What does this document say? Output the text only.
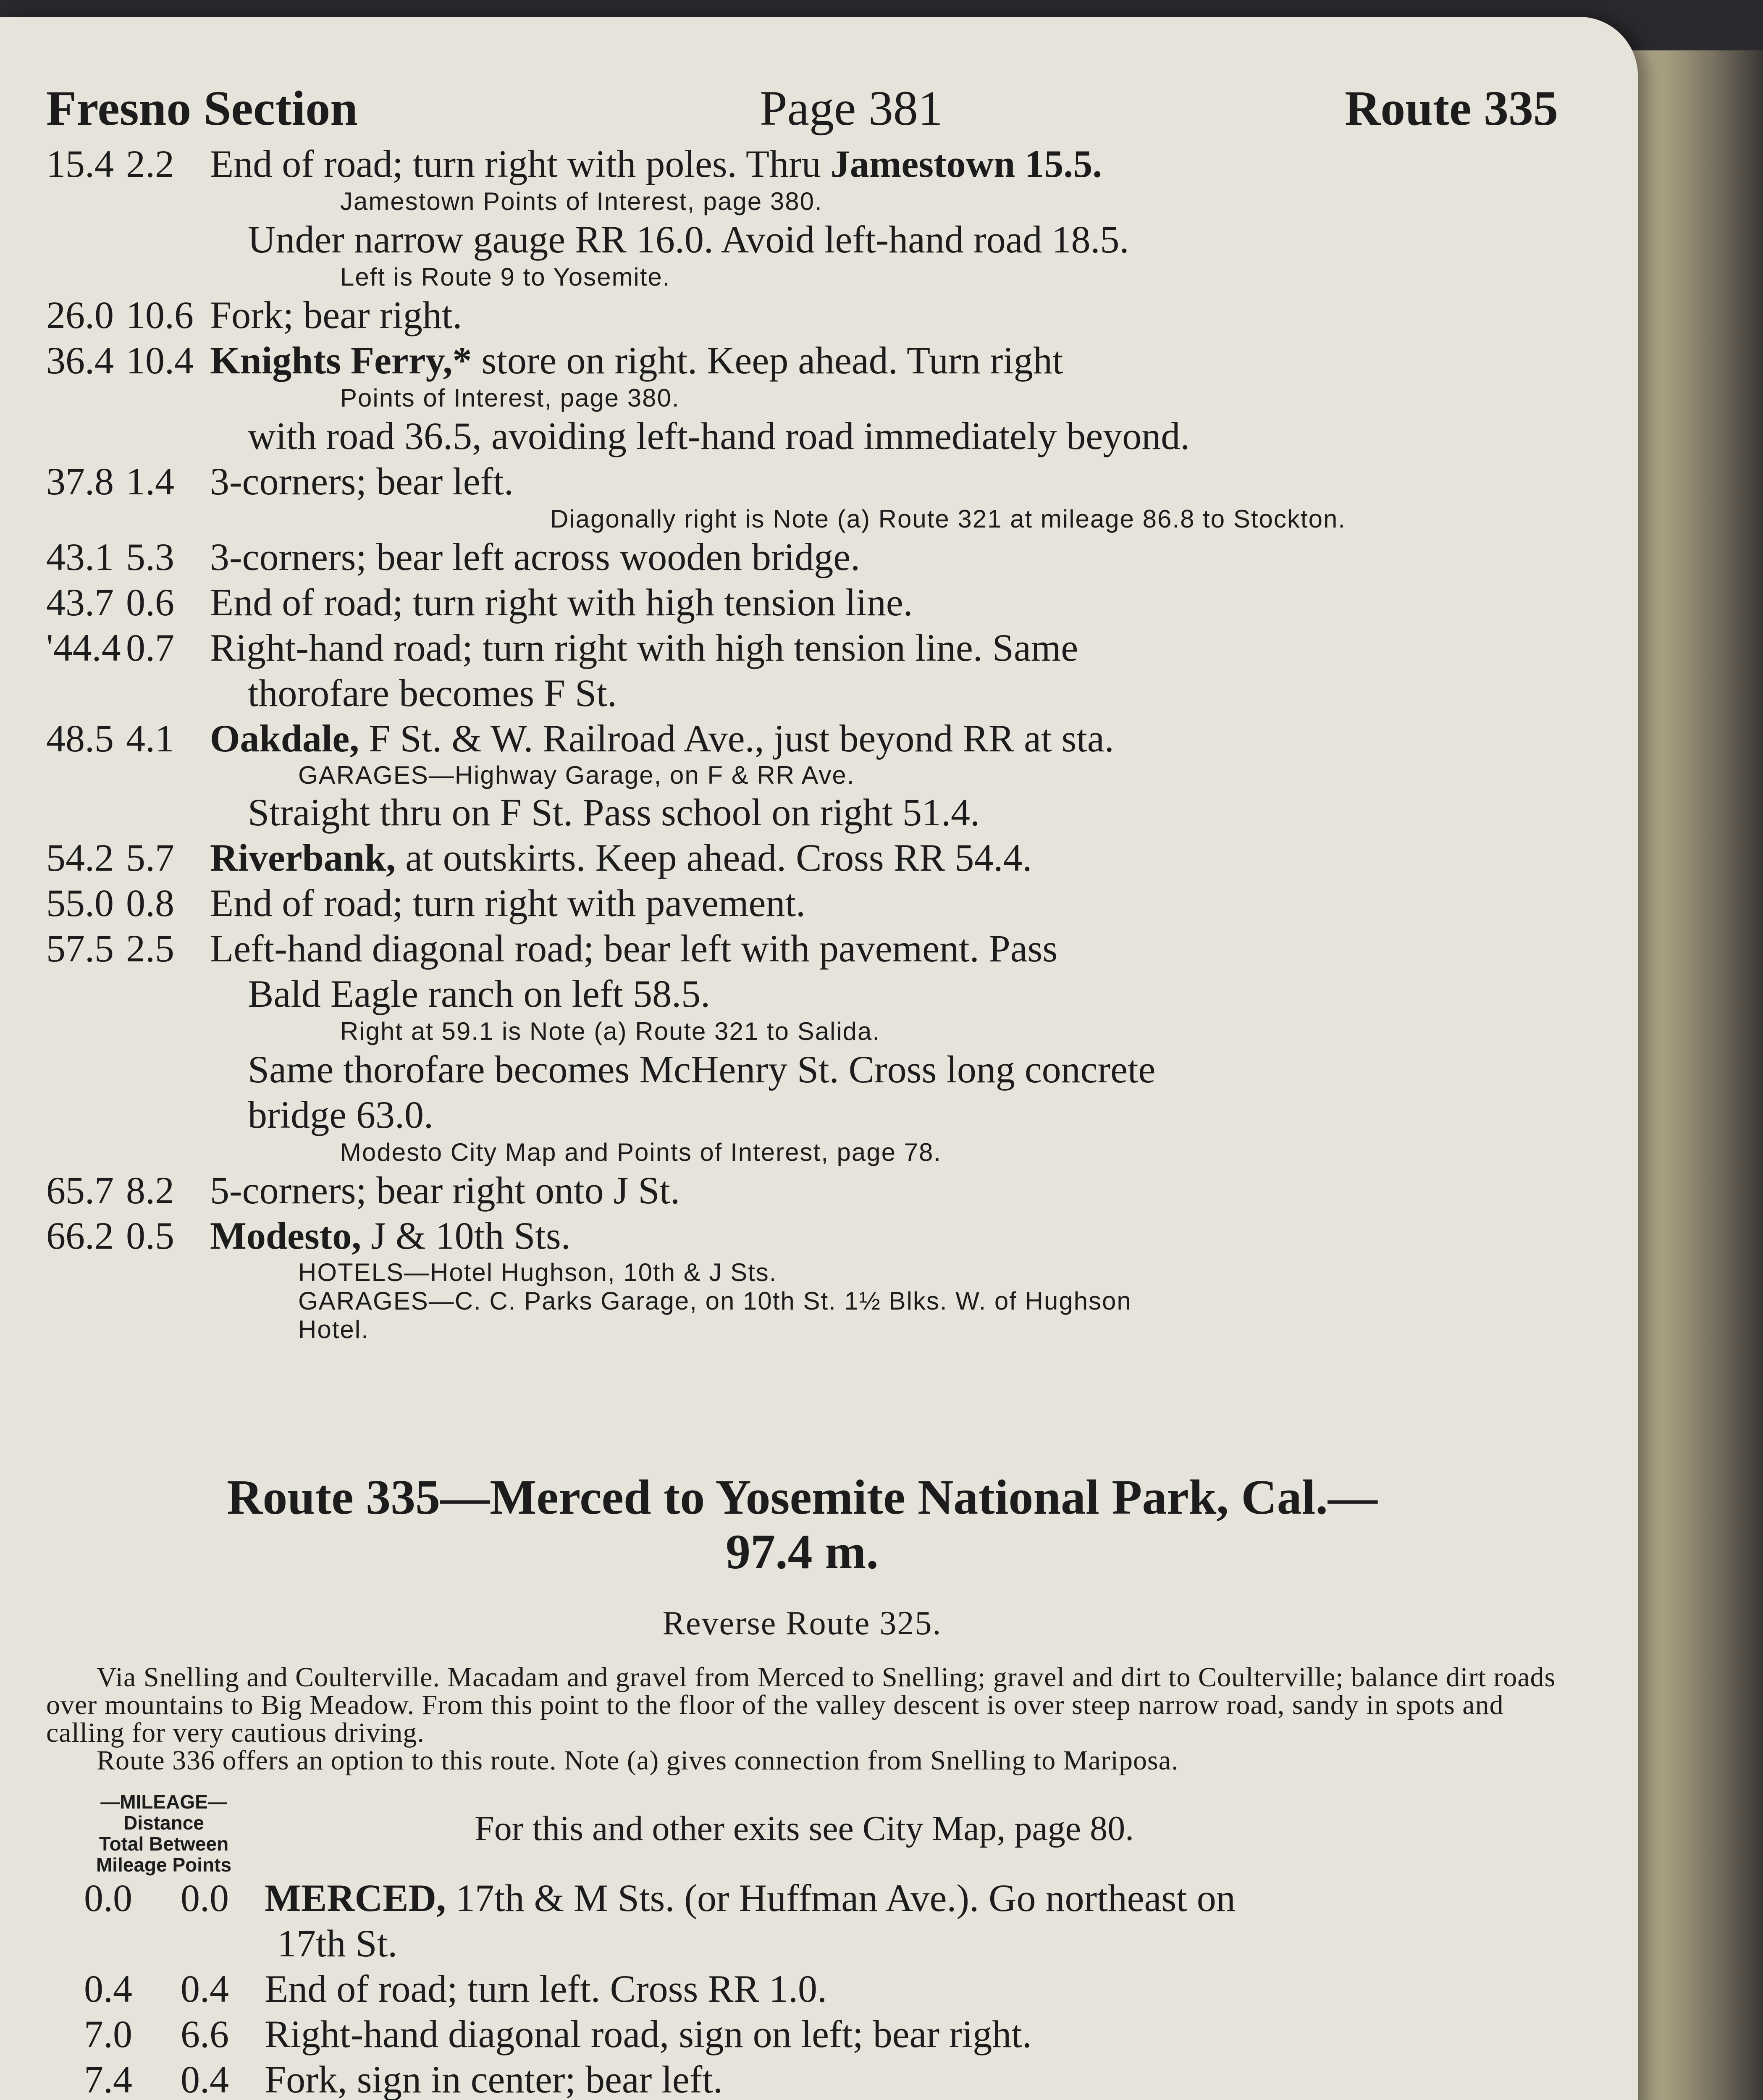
Fresno Section	Page 381	Route 335
15.4 2.2 End of road; turn right with poles. Thru Jamestown 15.5.
Jamestown Points of Interest, page 380.
Under narrow gauge RR 16.0. Avoid left-hand road 18.5.
Left is Route 9 to Yosemite.
26.0 10.6 Fork; bear right.
36.4 10.4 Knights Ferry,* store on right. Keep ahead. Turn right
Points of Interest, page 380.
with road 36.5, avoiding left-hand road immediately beyond.
37.8 1.4 3-corners; bear left.
Diagonally right is Note (a) Route 321 at mileage 86.8 to Stockton.
43.1 5.3 3-corners; bear left across wooden bridge.
43.7 0.6 End of road; turn right with high tension line.
'44.4 0.7 Right-hand road; turn right with high tension line. Same
thorofare becomes F St.
48.5 4.1 Oakdale, F St. & W. Railroad Ave., just beyond RR at sta.
GARAGES—Highway Garage, on F & RR Ave.
Straight thru on F St. Pass school on right 51.4.
54.2 5.7 Riverbank, at outskirts. Keep ahead. Cross RR 54.4.
55.0 0.8 End of road; turn right with pavement.
57.5 2.5 Left-hand diagonal road; bear left with pavement. Pass
Bald Eagle ranch on left 58.5.
Right at 59.1 is Note (a) Route 321 to Salida.
Same thorofare becomes McHenry St. Cross long concrete
bridge 63.0.
Modesto City Map and Points of Interest, page 78.
65.7 8.2 5-corners; bear right onto J St.
66.2 0.5 Modesto, J & 10th Sts.
HOTELS—Hotel Hughson, 10th & J Sts.
GARAGES—C. C. Parks Garage, on 10th St. 1½ Blks. W. of Hughson
Hotel.
Route 335—Merced to Yosemite National Park, Cal.—
97.4 m.
Reverse Route 325.
Via Snelling and Coulterville. Macadam and gravel from Merced to Snelling; gravel and dirt to Coulterville; balance dirt roads over mountains to Big Meadow. From this point to the floor of the valley descent is over steep narrow road, sandy in spots and calling for very cautious driving.
Route 336 offers an option to this route. Note (a) gives connection from Snelling to Mariposa.
—MILEAGE—
Distance
Total Between
Mileage Points
For this and other exits see City Map, page 80.
0.0	0.0 MERCED, 17th & M Sts. (or Huffman Ave.). Go northeast on
17th St.
0.4	0.4 End of road; turn left. Cross RR 1.0.
7.0	6.6 Right-hand diagonal road, sign on left; bear right.
7.4	0.4 Fork, sign in center; bear left.
